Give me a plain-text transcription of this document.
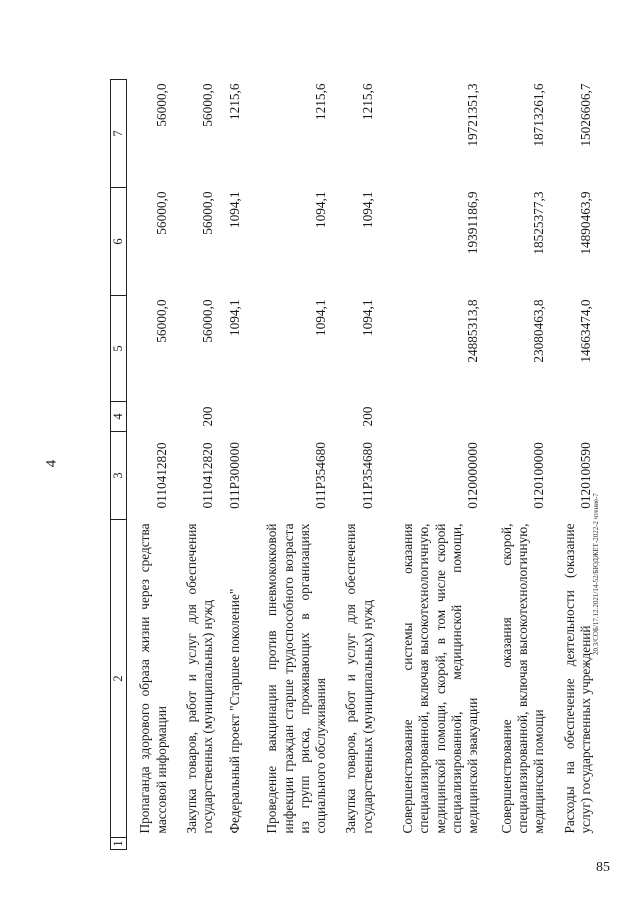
4
1	2	3	4	5	6	7
	Пропаганда здорового образа жизни через средства массовой информации	0110412820		56000,0	56000,0	56000,0
	Закупка товаров, работ и услуг для обеспечения государственных (муниципальных) нужд	0110412820	200	56000,0	56000,0	56000,0
	Федеральный проект "Старшее поколение"	011Р300000		1094,1	1094,1	1215,6
	Проведение вакцинации против пневмококковой инфекции граждан старше трудоспособного возраста из групп риска, проживающих в организациях социального обслуживания	011Р354680		1094,1	1094,1	1215,6
	Закупка товаров, работ и услуг для обеспечения государственных (муниципальных) нужд	011Р354680	200	1094,1	1094,1	1215,6
	Совершенствование системы оказания специализированной, включая высокотехнологичную, медицинской помощи, скорой, в том числе скорой специализированной, медицинской помощи, медицинской эвакуации	0120000000		24885313,8	19391186,9	19721351,3
	Совершенствование оказания скорой, специализированной, включая высокотехнологичную, медицинской помощи	0120100000		23080463,8	18525377,3	18713261,6
	Расходы на обеспечение деятельности (оказание услуг) государственных учреждений	0120100590		14663474,0	14890463,9	15026606,7
20.3/СОБ/17.12.2021/14-52/БЮДЖЕТ-2022-2 чтение-7
85
